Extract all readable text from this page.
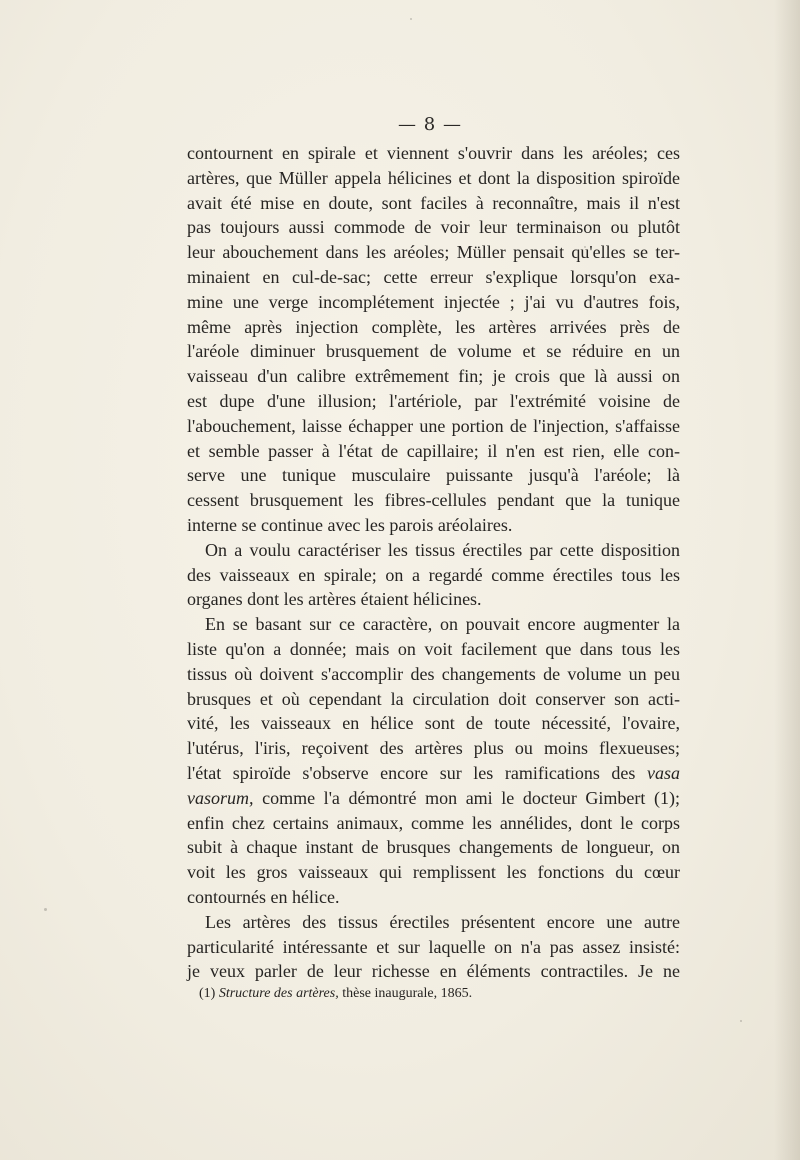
— 8 —
contournent en spirale et viennent s'ouvrir dans les aréoles; ces
artères, que Müller appela hélicines et dont la disposition spiroïde
avait été mise en doute, sont faciles à reconnaître, mais il n'est
pas toujours aussi commode de voir leur terminaison ou plutôt
leur abouchement dans les aréoles; Müller pensait qu'elles se ter-
minaient en cul-de-sac; cette erreur s'explique lorsqu'on exa-
mine une verge incomplétement injectée ; j'ai vu d'autres fois,
même après injection complète, les artères arrivées près de
l'aréole diminuer brusquement de volume et se réduire en un
vaisseau d'un calibre extrêmement fin; je crois que là aussi on
est dupe d'une illusion; l'artériole, par l'extrémité voisine de
l'abouchement, laisse échapper une portion de l'injection, s'affaisse
et semble passer à l'état de capillaire; il n'en est rien, elle con-
serve une tunique musculaire puissante jusqu'à l'aréole; là
cessent brusquement les fibres-cellules pendant que la tunique
interne se continue avec les parois aréolaires.
On a voulu caractériser les tissus érectiles par cette disposition
des vaisseaux en spirale; on a regardé comme érectiles tous les
organes dont les artères étaient hélicines.
En se basant sur ce caractère, on pouvait encore augmenter la
liste qu'on a donnée; mais on voit facilement que dans tous les
tissus où doivent s'accomplir des changements de volume un peu
brusques et où cependant la circulation doit conserver son acti-
vité, les vaisseaux en hélice sont de toute nécessité, l'ovaire,
l'utérus, l'iris, reçoivent des artères plus ou moins flexueuses;
l'état spiroïde s'observe encore sur les ramifications des vasa
vasorum, comme l'a démontré mon ami le docteur Gimbert (1);
enfin chez certains animaux, comme les annélides, dont le corps
subit à chaque instant de brusques changements de longueur, on
voit les gros vaisseaux qui remplissent les fonctions du cœur
contournés en hélice.
Les artères des tissus érectiles présentent encore une autre
particularité intéressante et sur laquelle on n'a pas assez insisté:
je veux parler de leur richesse en éléments contractiles. Je ne
(1) Structure des artères, thèse inaugurale, 1865.
